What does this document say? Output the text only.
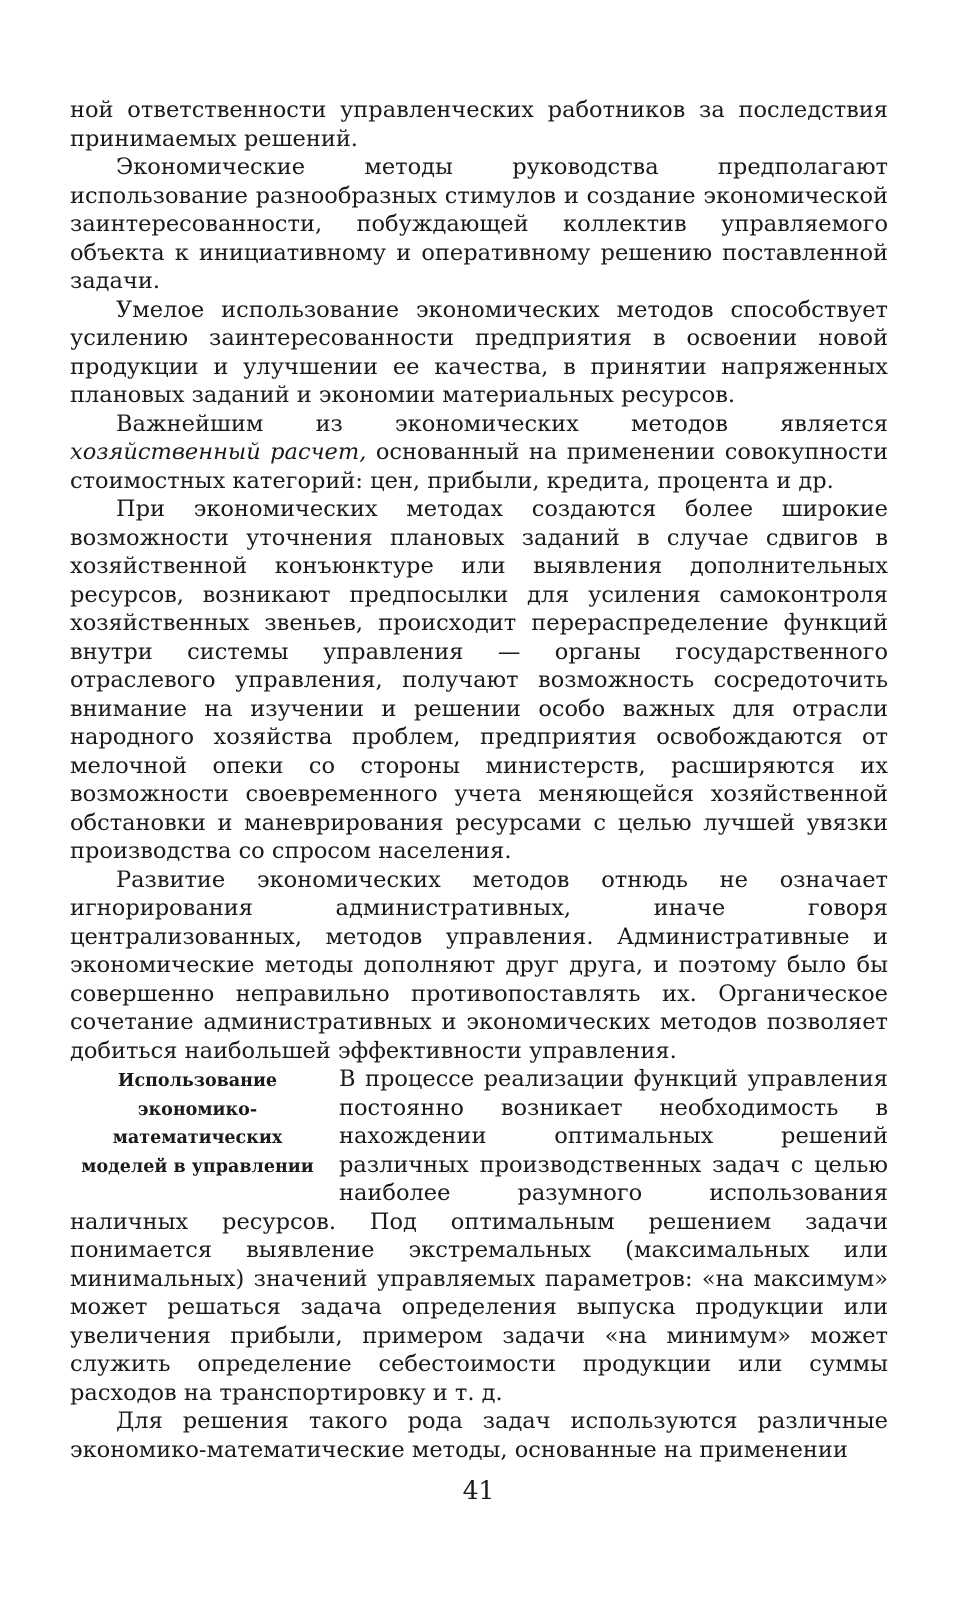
ной ответственности управленческих работников за последствия принимаемых решений.

Экономические методы руководства предполагают использование разнообразных стимулов и создание экономической заинтересованности, побуждающей коллектив управляемого объекта к инициативному и оперативному решению поставленной задачи.

Умелое использование экономических методов способствует усилению заинтересованности предприятия в освоении новой продукции и улучшении ее качества, в принятии напряженных плановых заданий и экономии материальных ресурсов.

Важнейшим из экономических методов является хозяйственный расчет, основанный на применении совокупности стоимостных категорий: цен, прибыли, кредита, процента и др.

При экономических методах создаются более широкие возможности уточнения плановых заданий в случае сдвигов в хозяйственной конъюнктуре или выявления дополнительных ресурсов, возникают предпосылки для усиления самоконтроля хозяйственных звеньев, происходит перераспределение функций внутри системы управления — органы государственного отраслевого управления, получают возможность сосредоточить внимание на изучении и решении особо важных для отрасли народного хозяйства проблем, предприятия освобождаются от мелочной опеки со стороны министерств, расширяются их возможности своевременного учета меняющейся хозяйственной обстановки и маневрирования ресурсами с целью лучшей увязки производства со спросом населения.

Развитие экономических методов отнюдь не означает игнорирования административных, иначе говоря централизованных, методов управления. Административные и экономические методы дополняют друг друга, и поэтому было бы совершенно неправильно противопоставлять их. Органическое сочетание административных и экономических методов позволяет добиться наибольшей эффективности управления.

Использование
экономико-
математических
моделей в управлении

В процессе реализации функций управления постоянно возникает необходимость в нахождении оптимальных решений различных производственных задач с целью наиболее разумного использования наличных ресурсов. Под оптимальным решением задачи понимается выявление экстремальных (максимальных или минимальных) значений управляемых параметров: «на максимум» может решаться задача определения выпуска продукции или увеличения прибыли, примером задачи «на минимум» может служить определение себестоимости продукции или суммы расходов на транспортировку и т. д.

Для решения такого рода задач используются различные экономико-математические методы, основанные на применении

41
